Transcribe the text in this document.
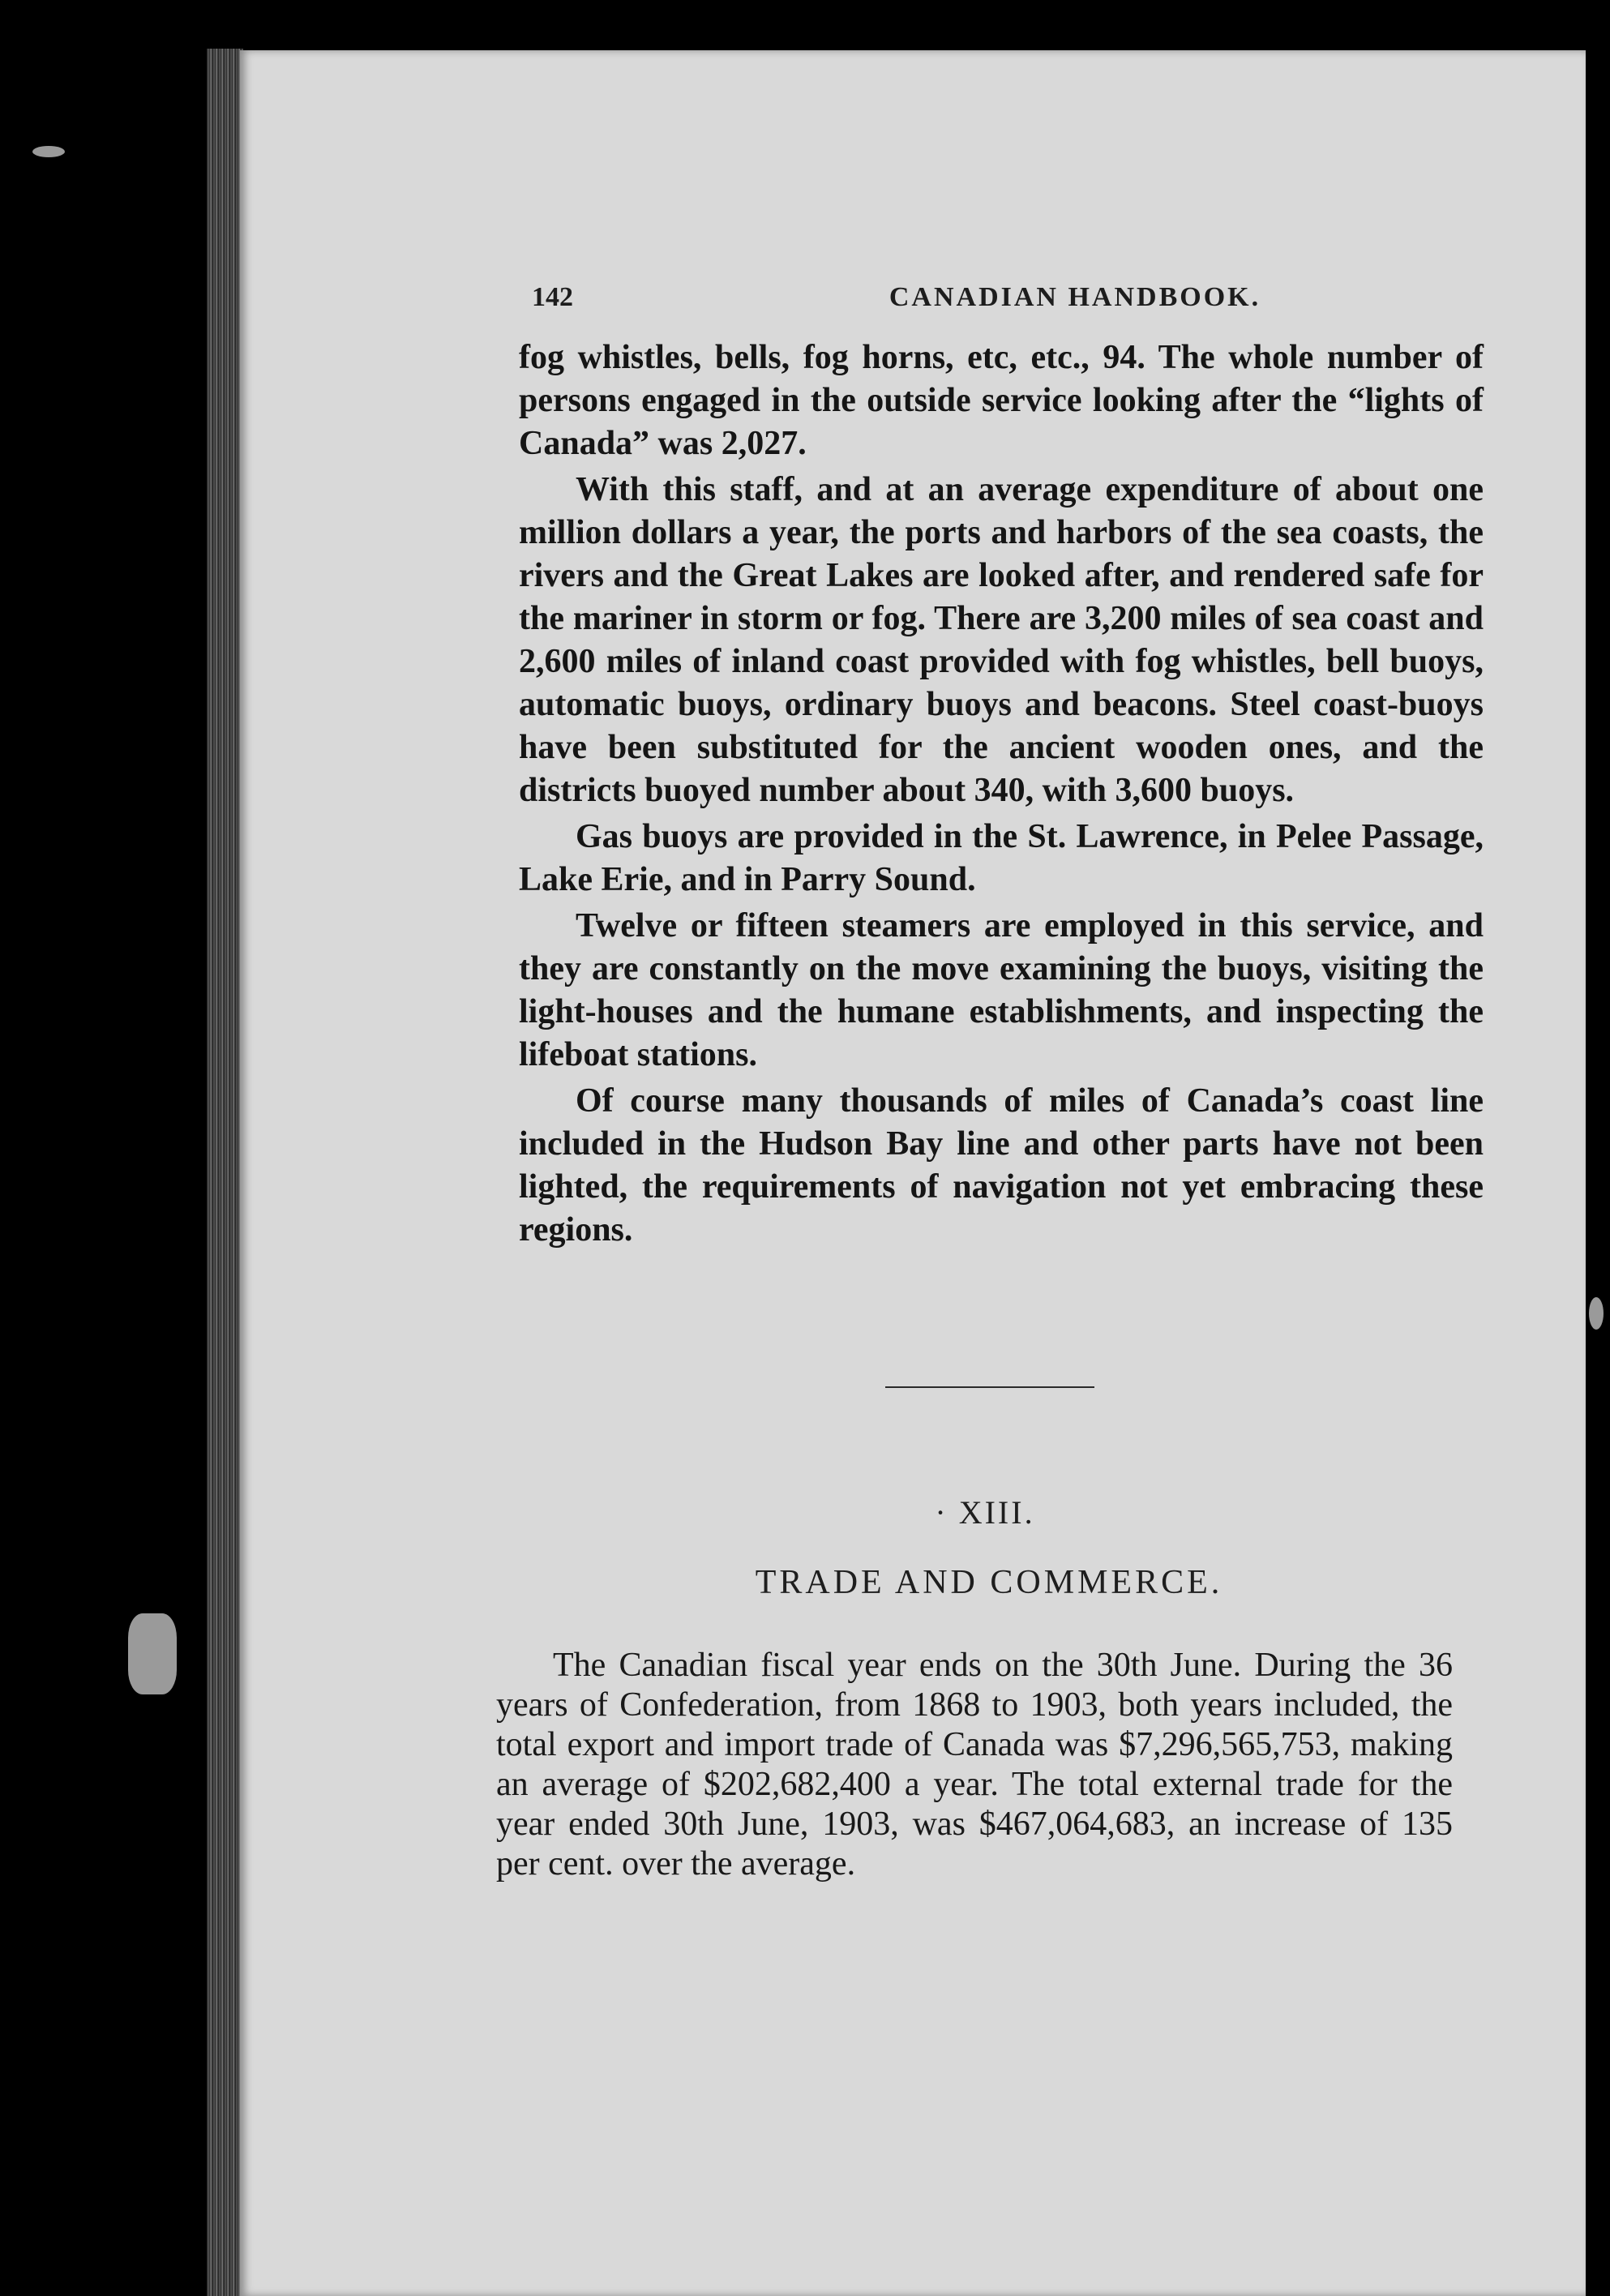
142	CANADIAN HANDBOOK.

fog whistles, bells, fog horns, etc, etc., 94. The whole number of persons engaged in the outside service looking after the “lights of Canada” was 2,027.

With this staff, and at an average expenditure of about one million dollars a year, the ports and harbors of the sea coasts, the rivers and the Great Lakes are looked after, and rendered safe for the mariner in storm or fog. There are 3,200 miles of sea coast and 2,600 miles of inland coast provided with fog whistles, bell buoys, automatic buoys, ordinary buoys and beacons. Steel coast-buoys have been substituted for the ancient wooden ones, and the districts buoyed number about 340, with 3,600 buoys.

Gas buoys are provided in the St. Lawrence, in Pelee Passage, Lake Erie, and in Parry Sound.

Twelve or fifteen steamers are employed in this service, and they are constantly on the move examining the buoys, visiting the light-houses and the humane establishments, and inspecting the lifeboat stations.

Of course many thousands of miles of Canada’s coast line included in the Hudson Bay line and other parts have not been lighted, the requirements of navigation not yet embracing these regions.

· XIII.
TRADE AND COMMERCE.

The Canadian fiscal year ends on the 30th June. During the 36 years of Confederation, from 1868 to 1903, both years included, the total export and import trade of Canada was $7,296,565,753, making an average of $202,682,400 a year. The total external trade for the year ended 30th June, 1903, was $467,064,683, an increase of 135 per cent. over the average.
